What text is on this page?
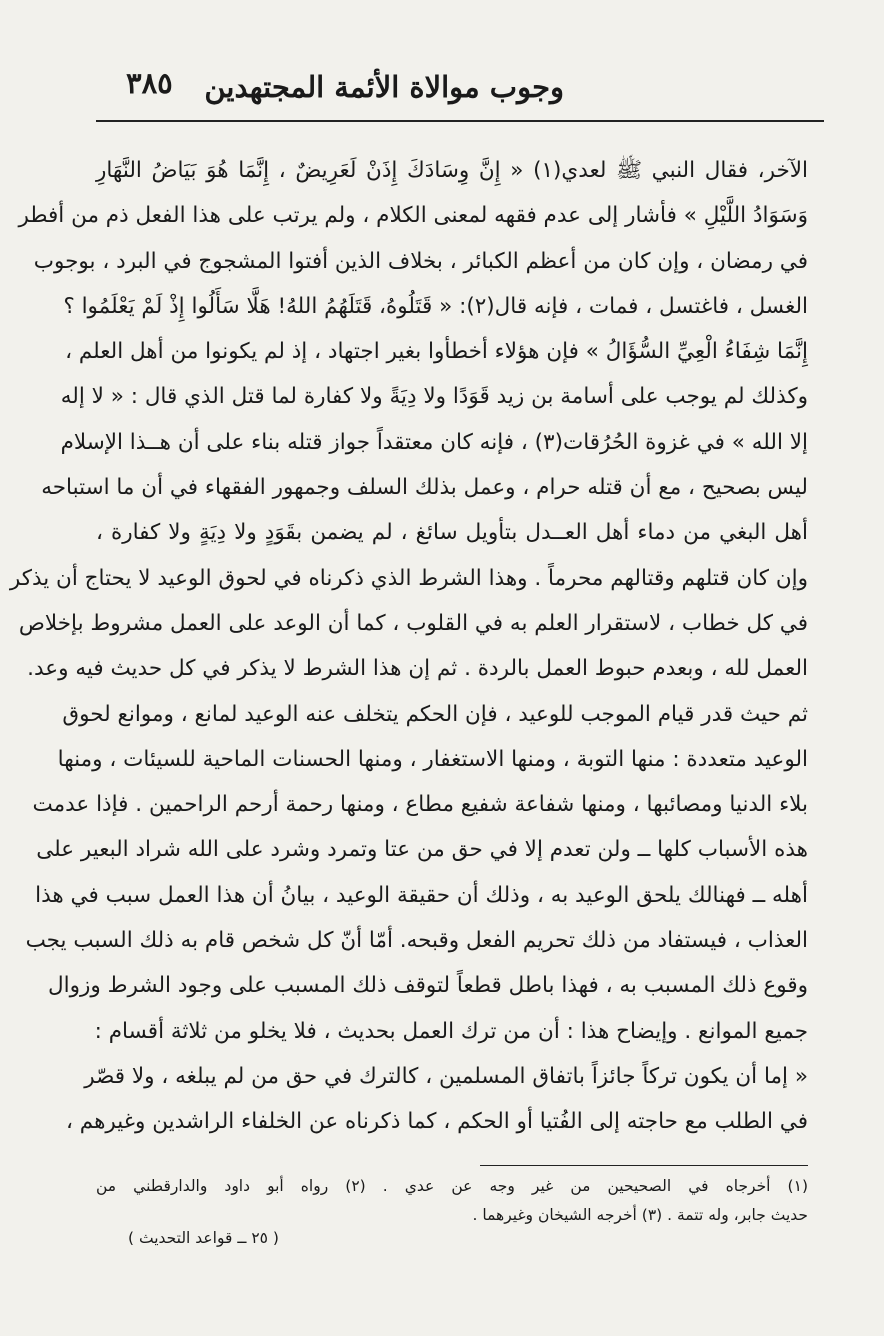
وجوب موالاة الأئمة المجتهدين
٣٨٥
الآخر، فقال النبي ﷺ لعدي(١) « إِنَّ وِسَادَكَ إِذَنْ لَعَرِيضٌ ، إِنَّمَا هُوَ بَيَاضُ النَّهَارِ
وَسَوَادُ اللَّيْلِ » فأشار إلى عدم فقهه لمعنى الكلام ، ولم يرتب على هذا الفعل ذم من أفطر
في رمضان ، وإن كان من أعظم الكبائر ، بخلاف الذين أفتوا المشجوج في البرد ، بوجوب
الغسل ، فاغتسل ، فمات ، فإنه قال(٢): « قَتَلُوهُ، قَتَلَهُمُ اللهُ! هَلَّا سَأَلُوا إِذْ لَمْ يَعْلَمُوا ؟
إِنَّمَا شِفَاءُ الْعِيِّ السُّؤَالُ » فإن هؤلاء أخطأوا بغير اجتهاد ، إذ لم يكونوا من أهل العلم ،
وكذلك لم يوجب على أسامة بن زيد قَوَدًا ولا دِيَةً ولا كفارة لما قتل الذي قال : « لا إله
إلا الله » في غزوة الحُرُقات(٣) ، فإنه كان معتقداً جواز قتله بناء على أن هــذا الإسلام
ليس بصحيح ، مع أن قتله حرام ، وعمل بذلك السلف وجمهور الفقهاء في أن ما استباحه
أهل البغي من دماء أهل العــدل بتأويل سائغ ، لم يضمن بقَوَدٍ ولا دِيَةٍ ولا كفارة ،
وإن كان قتلهم وقتالهم محرماً . وهذا الشرط الذي ذكرناه في لحوق الوعيد لا يحتاج أن يذكر
في كل خطاب ، لاستقرار العلم به في القلوب ، كما أن الوعد على العمل مشروط بإخلاص
العمل لله ، وبعدم حبوط العمل بالردة . ثم إن هذا الشرط لا يذكر في كل حديث فيه وعد.
ثم حيث قدر قيام الموجب للوعيد ، فإن الحكم يتخلف عنه الوعيد لمانع ، وموانع لحوق
الوعيد متعددة : منها التوبة ، ومنها الاستغفار ، ومنها الحسنات الماحية للسيئات ، ومنها
بلاء الدنيا ومصائبها ، ومنها شفاعة شفيع مطاع ، ومنها رحمة أرحم الراحمين . فإذا عدمت
هذه الأسباب كلها ــ ولن تعدم إلا في حق من عتا وتمرد وشرد على الله شراد البعير على
أهله ــ فهنالك يلحق الوعيد به ، وذلك أن حقيقة الوعيد ، بيانُ أن هذا العمل سبب في هذا
العذاب ، فيستفاد من ذلك تحريم الفعل وقبحه. أمّا أنّ كل شخص قام به ذلك السبب يجب
وقوع ذلك المسبب به ، فهذا باطل قطعاً لتوقف ذلك المسبب على وجود الشرط وزوال
جميع الموانع . وإيضاح هذا : أن من ترك العمل بحديث ، فلا يخلو من ثلاثة أقسام :
« إما أن يكون تركاً جائزاً باتفاق المسلمين ، كالترك في حق من لم يبلغه ، ولا قصّر
في الطلب مع حاجته إلى الفُتيا أو الحكم ، كما ذكرناه عن الخلفاء الراشدين وغيرهم ،
(١) أخرجاه في الصحيحين من غير وجه عن عدي . (٢) رواه أبو داود والدارقطني من
حديث جابر، وله تتمة . (٣) أخرجه الشيخان وغيرهما .
( ٢٥ ــ قواعد التحديث )
